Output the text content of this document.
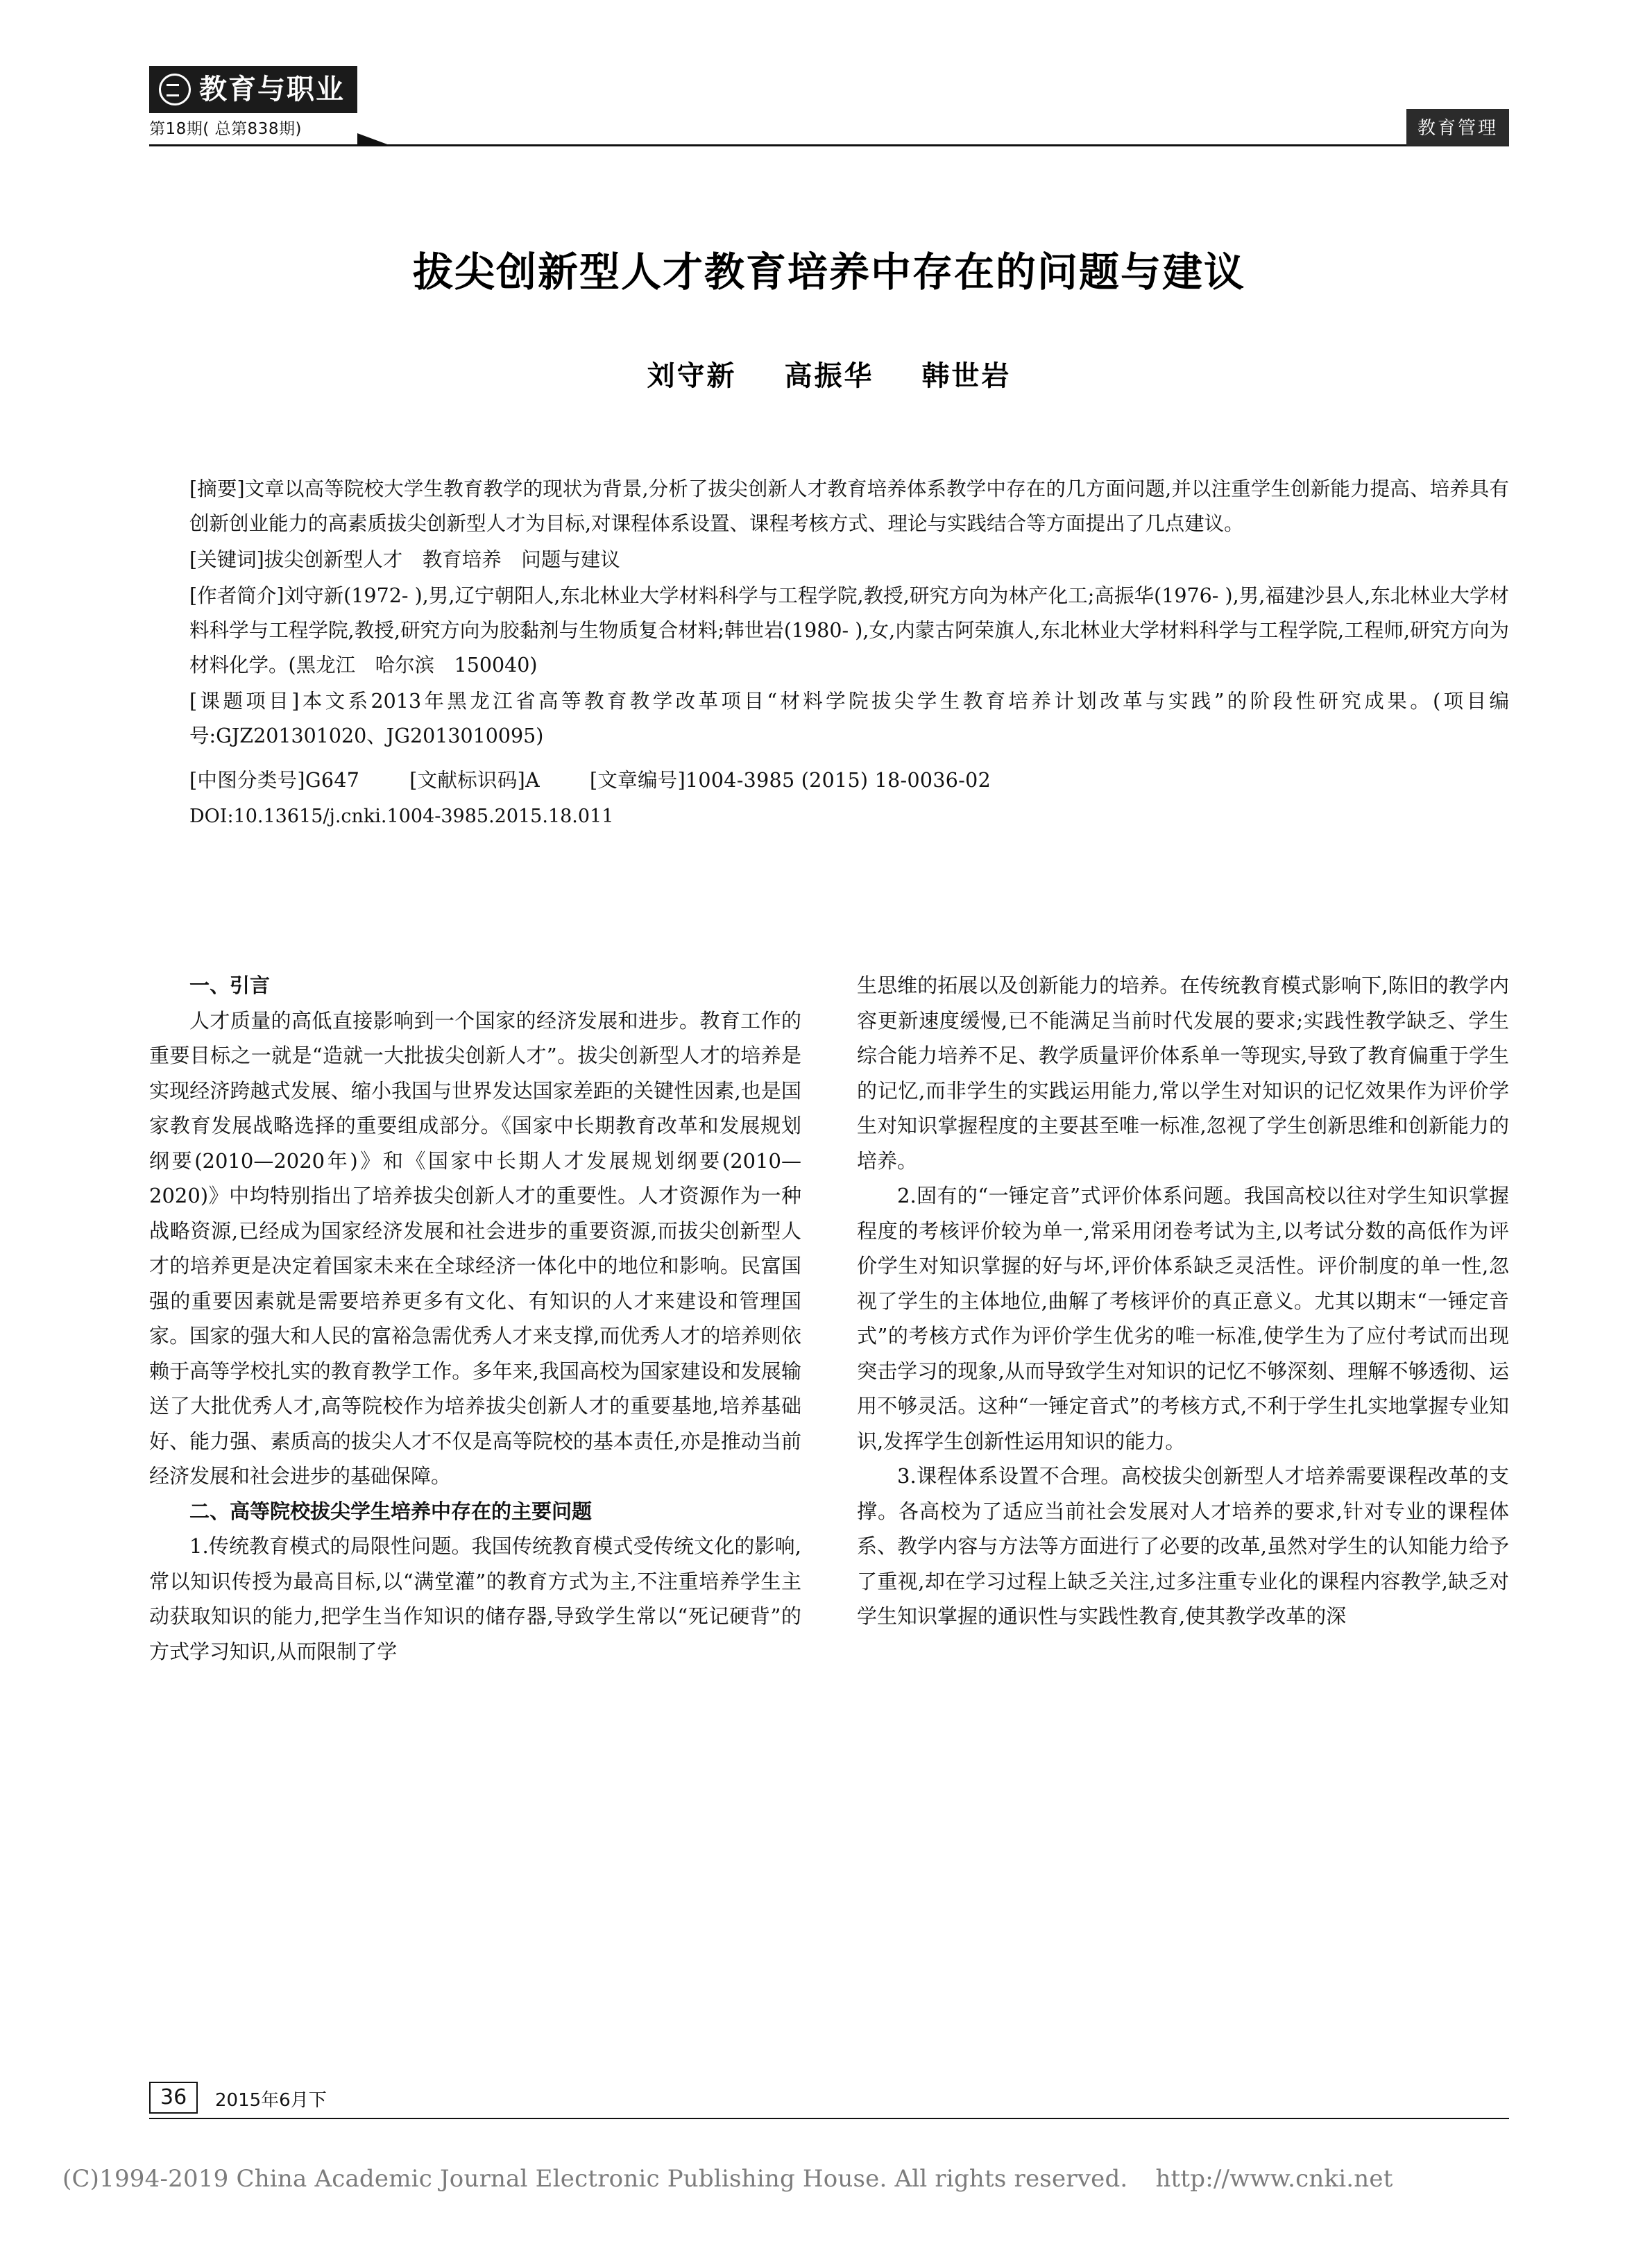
教育与职业
第18期( 总第838期)	教育管理
拔尖创新型人才教育培养中存在的问题与建议
刘守新 高振华 韩世岩

[摘要]文章以高等院校大学生教育教学的现状为背景,分析了拔尖创新人才教育培养体系教学中存在的几方面问题,并以注重学生创新能力提高、培养具有创新创业能力的高素质拔尖创新型人才为目标,对课程体系设置、课程考核方式、理论与实践结合等方面提出了几点建议。

[关键词]拔尖创新型人才　教育培养　问题与建议

[作者简介]刘守新(1972- ),男,辽宁朝阳人,东北林业大学材料科学与工程学院,教授,研究方向为林产化工;高振华(1976- ),男,福建沙县人,东北林业大学材料科学与工程学院,教授,研究方向为胶黏剂与生物质复合材料;韩世岩(1980- ),女,内蒙古阿荣旗人,东北林业大学材料科学与工程学院,工程师,研究方向为材料化学。(黑龙江　哈尔滨　150040)

[课题项目]本文系2013年黑龙江省高等教育教学改革项目“材料学院拔尖学生教育培养计划改革与实践”的阶段性研究成果。(项目编号:GJZ201301020、JG2013010095)

[中图分类号]G647	[文献标识码]A	[文章编号]1004-3985 (2015) 18-0036-02
DOI:10.13615/j.cnki.1004-3985.2015.18.011
一、引言

人才质量的高低直接影响到一个国家的经济发展和进步。教育工作的重要目标之一就是“造就一大批拔尖创新人才”。拔尖创新型人才的培养是实现经济跨越式发展、缩小我国与世界发达国家差距的关键性因素,也是国家教育发展战略选择的重要组成部分。《国家中长期教育改革和发展规划纲要(2010—2020年)》和《国家中长期人才发展规划纲要(2010—2020)》中均特别指出了培养拔尖创新人才的重要性。人才资源作为一种战略资源,已经成为国家经济发展和社会进步的重要资源,而拔尖创新型人才的培养更是决定着国家未来在全球经济一体化中的地位和影响。民富国强的重要因素就是需要培养更多有文化、有知识的人才来建设和管理国家。国家的强大和人民的富裕急需优秀人才来支撑,而优秀人才的培养则依赖于高等学校扎实的教育教学工作。多年来,我国高校为国家建设和发展输送了大批优秀人才,高等院校作为培养拔尖创新人才的重要基地,培养基础好、能力强、素质高的拔尖人才不仅是高等院校的基本责任,亦是推动当前经济发展和社会进步的基础保障。

二、高等院校拔尖学生培养中存在的主要问题

1.传统教育模式的局限性问题。我国传统教育模式受传统文化的影响,常以知识传授为最高目标,以“满堂灌”的教育方式为主,不注重培养学生主动获取知识的能力,把学生当作知识的储存器,导致学生常以“死记硬背”的方式学习知识,从而限制了学

生思维的拓展以及创新能力的培养。在传统教育模式影响下,陈旧的教学内容更新速度缓慢,已不能满足当前时代发展的要求;实践性教学缺乏、学生综合能力培养不足、教学质量评价体系单一等现实,导致了教育偏重于学生的记忆,而非学生的实践运用能力,常以学生对知识的记忆效果作为评价学生对知识掌握程度的主要甚至唯一标准,忽视了学生创新思维和创新能力的培养。

2.固有的“一锤定音”式评价体系问题。我国高校以往对学生知识掌握程度的考核评价较为单一,常采用闭卷考试为主,以考试分数的高低作为评价学生对知识掌握的好与坏,评价体系缺乏灵活性。评价制度的单一性,忽视了学生的主体地位,曲解了考核评价的真正意义。尤其以期末“一锤定音式”的考核方式作为评价学生优劣的唯一标准,使学生为了应付考试而出现突击学习的现象,从而导致学生对知识的记忆不够深刻、理解不够透彻、运用不够灵活。这种“一锤定音式”的考核方式,不利于学生扎实地掌握专业知识,发挥学生创新性运用知识的能力。

3.课程体系设置不合理。高校拔尖创新型人才培养需要课程改革的支撑。各高校为了适应当前社会发展对人才培养的要求,针对专业的课程体系、教学内容与方法等方面进行了必要的改革,虽然对学生的认知能力给予了重视,却在学习过程上缺乏关注,过多注重专业化的课程内容教学,缺乏对学生知识掌握的通识性与实践性教育,使其教学改革的深

36	2015年6月下
(C)1994-2019 China Academic Journal Electronic Publishing House. All rights reserved. http://www.cnki.net
